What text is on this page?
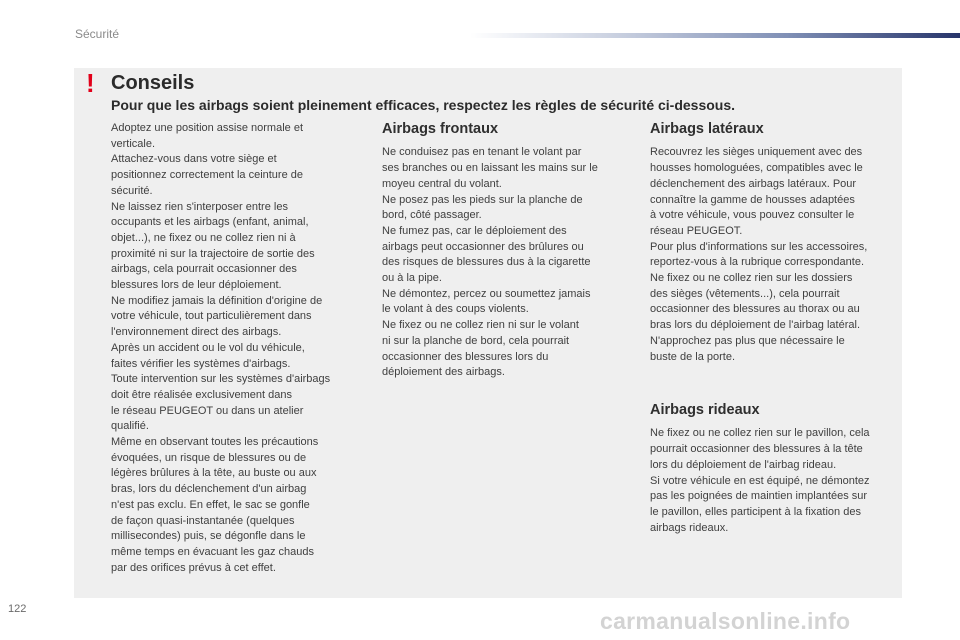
Sécurité
! Conseils
Pour que les airbags soient pleinement efficaces, respectez les règles de sécurité ci-dessous.

Adoptez une position assise normale et
verticale.
Attachez-vous dans votre siège et
positionnez correctement la ceinture de
sécurité.
Ne laissez rien s'interposer entre les
occupants et les airbags (enfant, animal,
objet...), ne fixez ou ne collez rien ni à
proximité ni sur la trajectoire de sortie des
airbags, cela pourrait occasionner des
blessures lors de leur déploiement.
Ne modifiez jamais la définition d'origine de
votre véhicule, tout particulièrement dans
l'environnement direct des airbags.
Après un accident ou le vol du véhicule,
faites vérifier les systèmes d'airbags.
Toute intervention sur les systèmes d'airbags
doit être réalisée exclusivement dans
le réseau PEUGEOT ou dans un atelier
qualifié.
Même en observant toutes les précautions
évoquées, un risque de blessures ou de
légères brûlures à la tête, au buste ou aux
bras, lors du déclenchement d'un airbag
n'est pas exclu. En effet, le sac se gonfle
de façon quasi-instantanée (quelques
millisecondes) puis, se dégonfle dans le
même temps en évacuant les gaz chauds
par des orifices prévus à cet effet.

Airbags frontaux

Ne conduisez pas en tenant le volant par
ses branches ou en laissant les mains sur le
moyeu central du volant.
Ne posez pas les pieds sur la planche de
bord, côté passager.
Ne fumez pas, car le déploiement des
airbags peut occasionner des brûlures ou
des risques de blessures dus à la cigarette
ou à la pipe.
Ne démontez, percez ou soumettez jamais
le volant à des coups violents.
Ne fixez ou ne collez rien ni sur le volant
ni sur la planche de bord, cela pourrait
occasionner des blessures lors du
déploiement des airbags.

Airbags latéraux

Recouvrez les sièges uniquement avec des
housses homologuées, compatibles avec le
déclenchement des airbags latéraux. Pour
connaître la gamme de housses adaptées
à votre véhicule, vous pouvez consulter le
réseau PEUGEOT.
Pour plus d'informations sur les accessoires,
reportez-vous à la rubrique correspondante.
Ne fixez ou ne collez rien sur les dossiers
des sièges (vêtements...), cela pourrait
occasionner des blessures au thorax ou au
bras lors du déploiement de l'airbag latéral.
N'approchez pas plus que nécessaire le
buste de la porte.

Airbags rideaux

Ne fixez ou ne collez rien sur le pavillon, cela
pourrait occasionner des blessures à la tête
lors du déploiement de l'airbag rideau.
Si votre véhicule en est équipé, ne démontez
pas les poignées de maintien implantées sur
le pavillon, elles participent à la fixation des
airbags rideaux.

122	carmanualsonline.info
